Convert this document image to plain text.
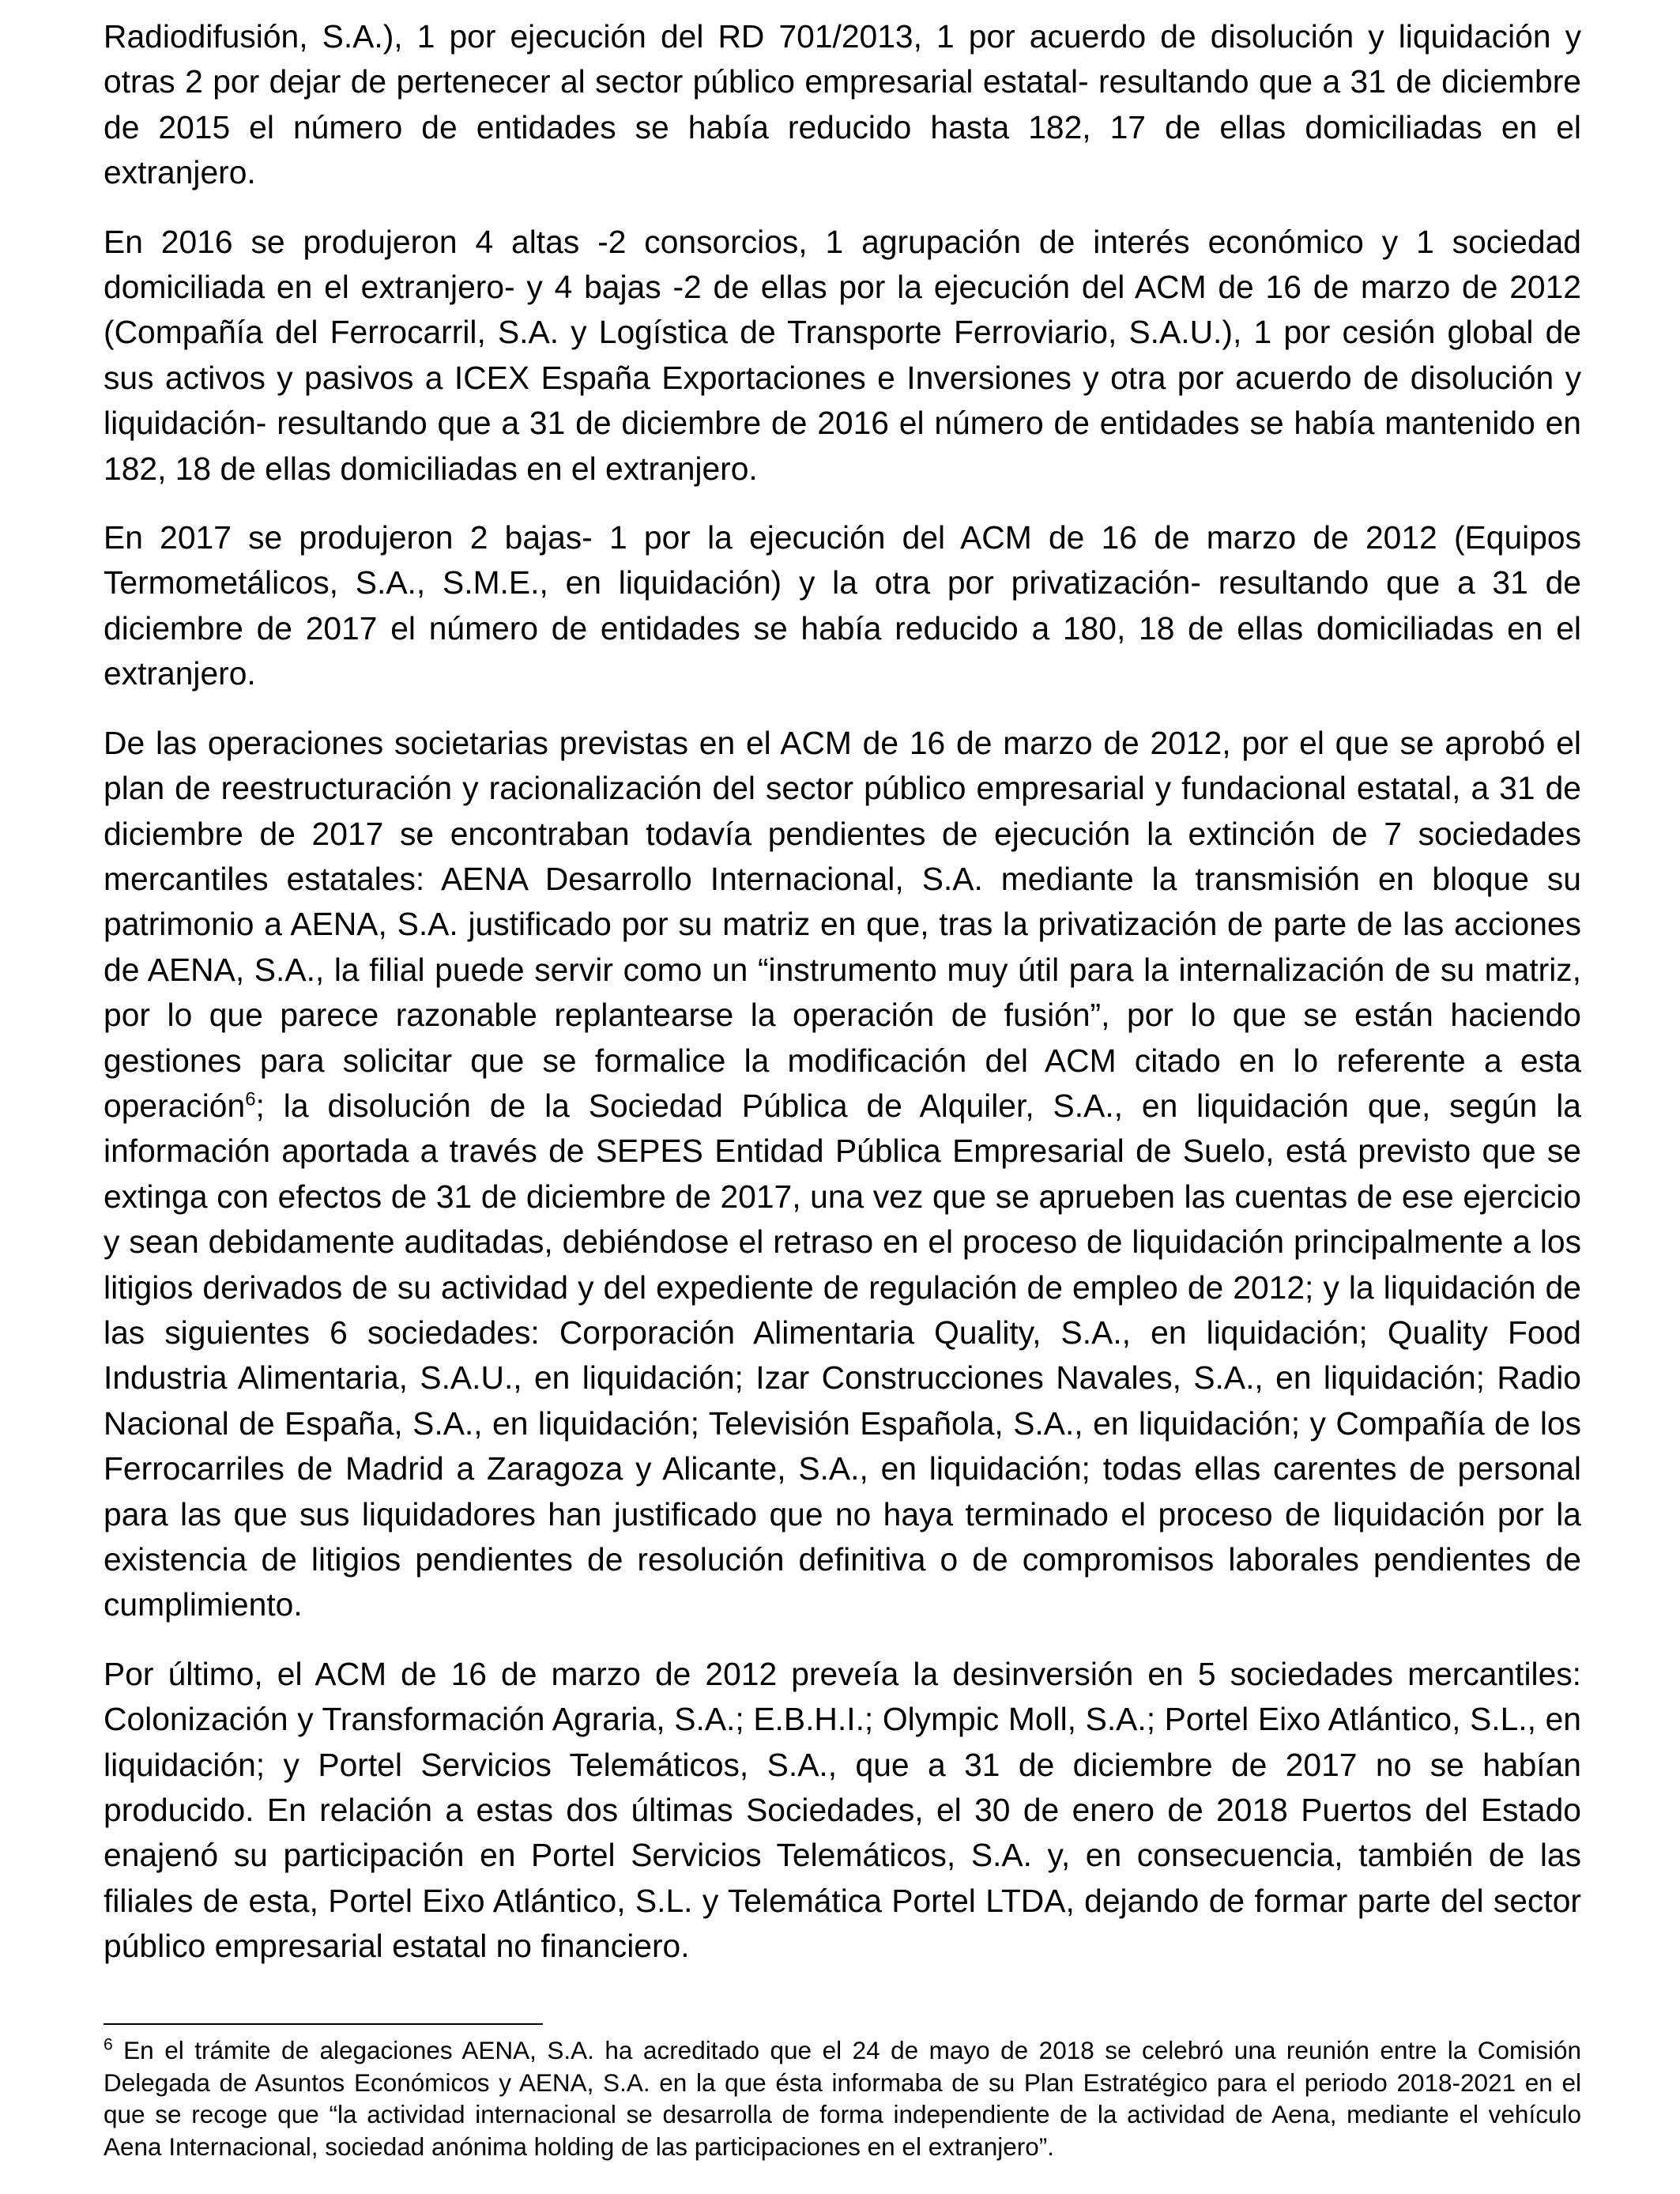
Radiodifusión, S.A.), 1 por ejecución del RD 701/2013, 1 por acuerdo de disolución y liquidación y otras 2 por dejar de pertenecer al sector público empresarial estatal- resultando que a 31 de diciembre de 2015 el número de entidades se había reducido hasta 182, 17 de ellas domiciliadas en el extranjero.

En 2016 se produjeron 4 altas -2 consorcios, 1 agrupación de interés económico y 1 sociedad domiciliada en el extranjero- y 4 bajas -2 de ellas por la ejecución del ACM de 16 de marzo de 2012 (Compañía del Ferrocarril, S.A. y Logística de Transporte Ferroviario, S.A.U.), 1 por cesión global de sus activos y pasivos a ICEX España Exportaciones e Inversiones y otra por acuerdo de disolución y liquidación- resultando que a 31 de diciembre de 2016 el número de entidades se había mantenido en 182, 18 de ellas domiciliadas en el extranjero.

En 2017 se produjeron 2 bajas- 1 por la ejecución del ACM de 16 de marzo de 2012 (Equipos Termometálicos, S.A., S.M.E., en liquidación) y la otra por privatización- resultando que a 31 de diciembre de 2017 el número de entidades se había reducido a 180, 18 de ellas domiciliadas en el extranjero.

De las operaciones societarias previstas en el ACM de 16 de marzo de 2012, por el que se aprobó el plan de reestructuración y racionalización del sector público empresarial y fundacional estatal, a 31 de diciembre de 2017 se encontraban todavía pendientes de ejecución la extinción de 7 sociedades mercantiles estatales: AENA Desarrollo Internacional, S.A. mediante la transmisión en bloque su patrimonio a AENA, S.A. justificado por su matriz en que, tras la privatización de parte de las acciones de AENA, S.A., la filial puede servir como un “instrumento muy útil para la internalización de su matriz, por lo que parece razonable replantearse la operación de fusión”, por lo que se están haciendo gestiones para solicitar que se formalice la modificación del ACM citado en lo referente a esta operación$^6$; la disolución de la Sociedad Pública de Alquiler, S.A., en liquidación que, según la información aportada a través de SEPES Entidad Pública Empresarial de Suelo, está previsto que se extinga con efectos de 31 de diciembre de 2017, una vez que se aprueben las cuentas de ese ejercicio y sean debidamente auditadas, debiéndose el retraso en el proceso de liquidación principalmente a los litigios derivados de su actividad y del expediente de regulación de empleo de 2012; y la liquidación de las siguientes 6 sociedades: Corporación Alimentaria Quality, S.A., en liquidación; Quality Food Industria Alimentaria, S.A.U., en liquidación; Izar Construcciones Navales, S.A., en liquidación; Radio Nacional de España, S.A., en liquidación; Televisión Española, S.A., en liquidación; y Compañía de los Ferrocarriles de Madrid a Zaragoza y Alicante, S.A., en liquidación; todas ellas carentes de personal para las que sus liquidadores han justificado que no haya terminado el proceso de liquidación por la existencia de litigios pendientes de resolución definitiva o de compromisos laborales pendientes de cumplimiento.

Por último, el ACM de 16 de marzo de 2012 preveía la desinversión en 5 sociedades mercantiles: Colonización y Transformación Agraria, S.A.; E.B.H.I.; Olympic Moll, S.A.; Portel Eixo Atlántico, S.L., en liquidación; y Portel Servicios Telemáticos, S.A., que a 31 de diciembre de 2017 no se habían producido. En relación a estas dos últimas Sociedades, el 30 de enero de 2018 Puertos del Estado enajenó su participación en Portel Servicios Telemáticos, S.A. y, en consecuencia, también de las filiales de esta, Portel Eixo Atlántico, S.L. y Telemática Portel LTDA, dejando de formar parte del sector público empresarial estatal no financiero.

$^6$ En el trámite de alegaciones AENA, S.A. ha acreditado que el 24 de mayo de 2018 se celebró una reunión entre la Comisión Delegada de Asuntos Económicos y AENA, S.A. en la que ésta informaba de su Plan Estratégico para el periodo 2018-2021 en el que se recoge que “la actividad internacional se desarrolla de forma independiente de la actividad de Aena, mediante el vehículo Aena Internacional, sociedad anónima holding de las participaciones en el extranjero”.
